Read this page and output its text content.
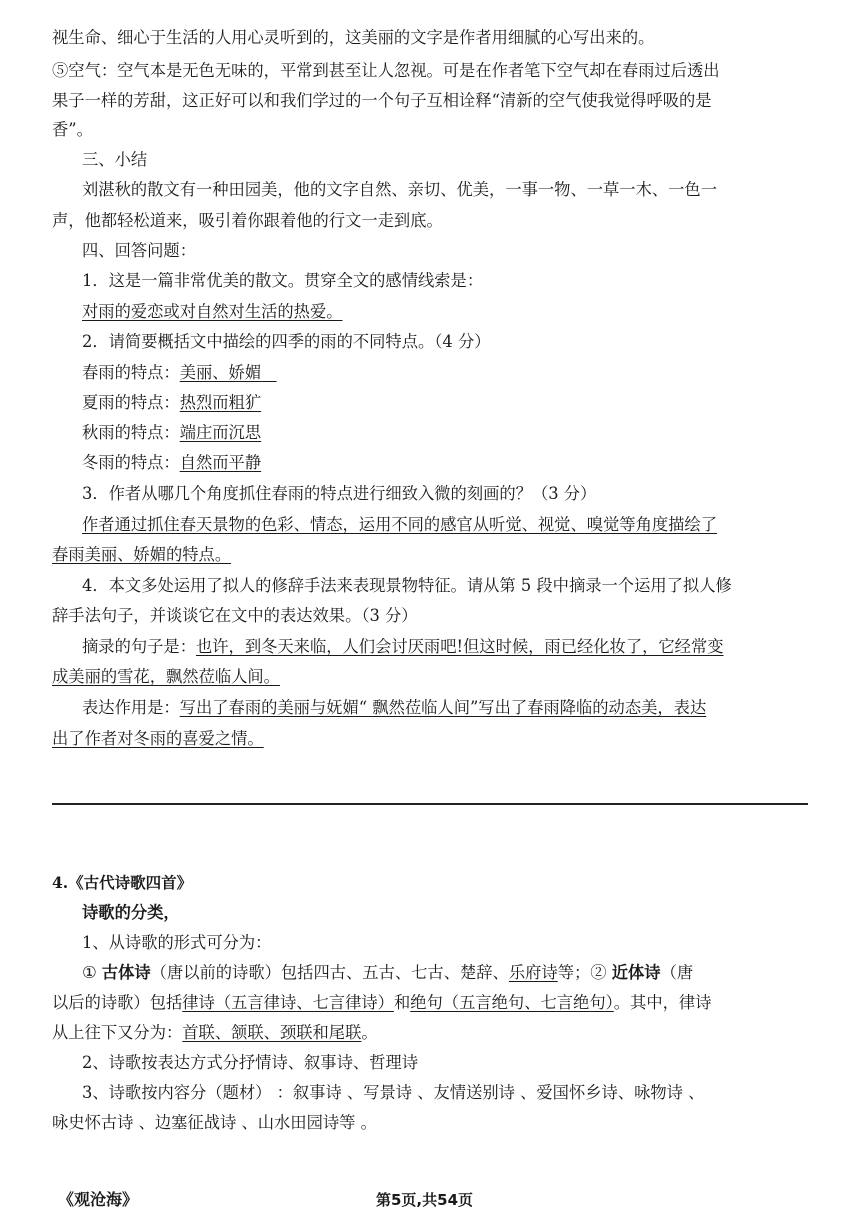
视生命、细心于生活的人用心灵听到的，这美丽的文字是作者用细腻的心写出来的。
⑤空气：空气本是无色无味的，平常到甚至让人忽视。可是在作者笔下空气却在春雨过后透出
果子一样的芳甜，这正好可以和我们学过的一个句子互相诠释“清新的空气使我觉得呼吸的是
香”。
三、小结
刘湛秋的散文有一种田园美，他的文字自然、亲切、优美，一事一物、一草一木、一色一
声，他都轻松道来，吸引着你跟着他的行文一走到底。
四、回答问题：
1．这是一篇非常优美的散文。贯穿全文的感情线索是：
对雨的爱恋或对自然对生活的热爱。
2．请简要概括文中描绘的四季的雨的不同特点。（4 分）
春雨的特点：美丽、娇媚
夏雨的特点：热烈而粗犷
秋雨的特点：端庄而沉思
冬雨的特点：自然而平静
3．作者从哪几个角度抓住春雨的特点进行细致入微的刻画的？（3 分）
作者通过抓住春天景物的色彩、情态，运用不同的感官从听觉、视觉、嗅觉等角度描绘了
春雨美丽、娇媚的特点。
4．本文多处运用了拟人的修辞手法来表现景物特征。请从第 5 段中摘录一个运用了拟人修
辞手法句子，并谈谈它在文中的表达效果。（3 分）
摘录的句子是：也许，到冬天来临，人们会讨厌雨吧!但这时候，雨已经化妆了，它经常变
成美丽的雪花，飘然莅临人间。
表达作用是：写出了春雨的美丽与妩媚“ 飘然莅临人间”写出了春雨降临的动态美，表达
出了作者对冬雨的喜爱之情。
4.《古代诗歌四首》
诗歌的分类，
1、从诗歌的形式可分为：
① 古体诗（唐以前的诗歌）包括四古、五古、七古、楚辞、乐府诗等；② 近体诗（唐
以后的诗歌）包括律诗（五言律诗、七言律诗）和绝句（五言绝句、七言绝句）。其中，律诗
从上往下又分为：首联、颔联、颈联和尾联。
2、诗歌按表达方式分抒情诗、叙事诗、哲理诗
3、诗歌按内容分（题材） ：叙事诗 、写景诗 、友情送别诗 、爱国怀乡诗、咏物诗 、
咏史怀古诗 、边塞征战诗 、山水田园诗等 。
《观沧海》	第5页,共54页
